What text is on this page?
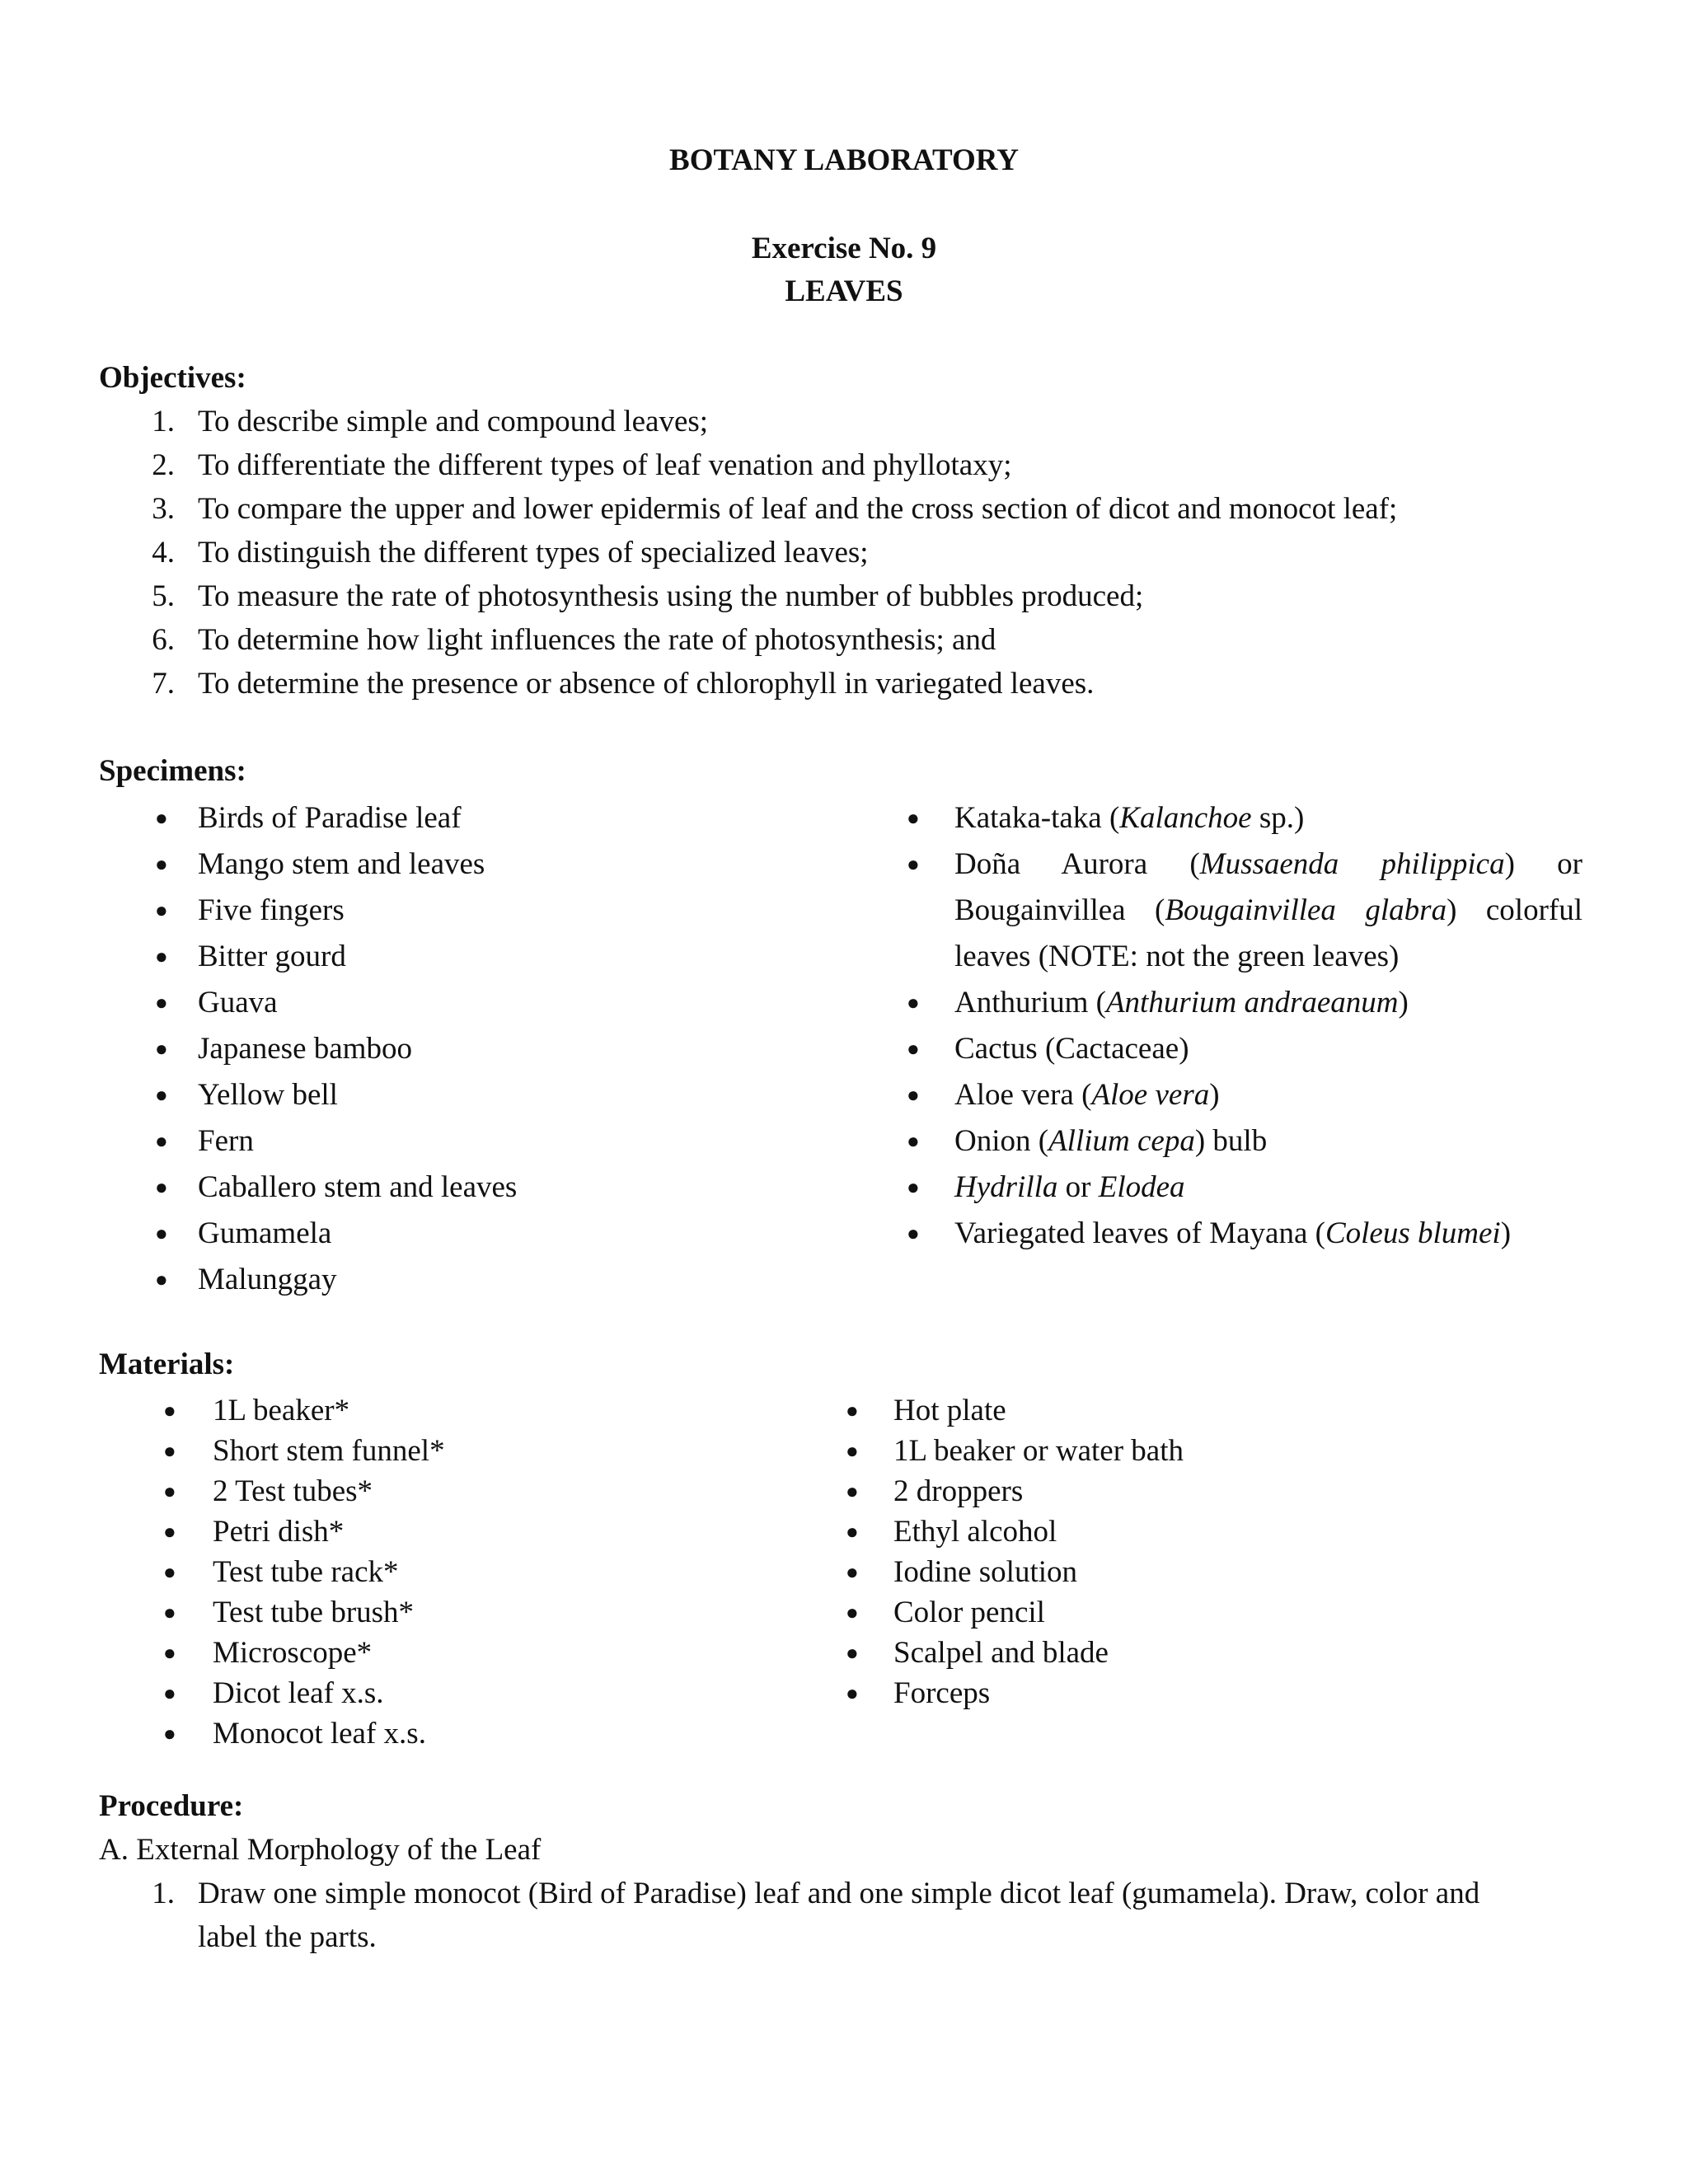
BOTANY LABORATORY
Exercise No. 9
LEAVES
Objectives:
1. To describe simple and compound leaves;
2. To differentiate the different types of leaf venation and phyllotaxy;
3. To compare the upper and lower epidermis of leaf and the cross section of dicot and monocot leaf;
4. To distinguish the different types of specialized leaves;
5. To measure the rate of photosynthesis using the number of bubbles produced;
6. To determine how light influences the rate of photosynthesis; and
7. To determine the presence or absence of chlorophyll in variegated leaves.
Specimens:
● Birds of Paradise leaf
● Mango stem and leaves
● Five fingers
● Bitter gourd
● Guava
● Japanese bamboo
● Yellow bell
● Fern
● Caballero stem and leaves
● Gumamela
● Malunggay
● Kataka-taka (Kalanchoe sp.)
● Doña Aurora (Mussaenda philippica) or
Bougainvillea (Bougainvillea glabra) colorful
leaves (NOTE: not the green leaves)
● Anthurium (Anthurium andraeanum)
● Cactus (Cactaceae)
● Aloe vera (Aloe vera)
● Onion (Allium cepa) bulb
● Hydrilla or Elodea
● Variegated leaves of Mayana (Coleus blumei)
Materials:
● 1L beaker*
● Short stem funnel*
● 2 Test tubes*
● Petri dish*
● Test tube rack*
● Test tube brush*
● Microscope*
● Dicot leaf x.s.
● Monocot leaf x.s.
● Hot plate
● 1L beaker or water bath
● 2 droppers
● Ethyl alcohol
● Iodine solution
● Color pencil
● Scalpel and blade
● Forceps
Procedure:
A. External Morphology of the Leaf
1. Draw one simple monocot (Bird of Paradise) leaf and one simple dicot leaf (gumamela). Draw, color and
label the parts.
